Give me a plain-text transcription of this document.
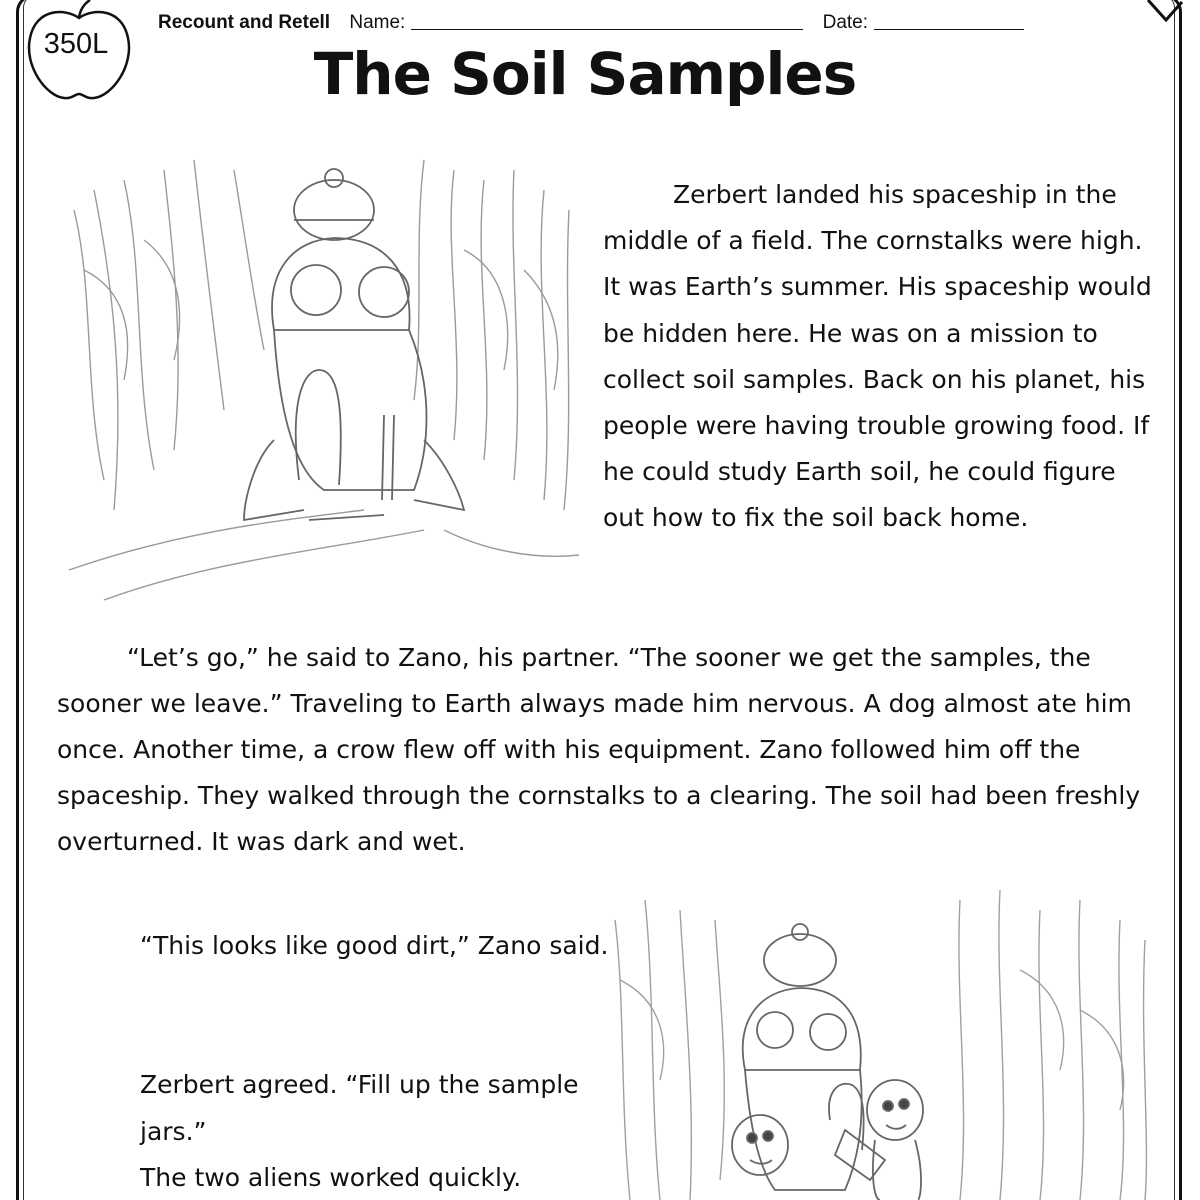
350L
Recount and Retell Name:	Date:
The Soil Samples
Zerbert landed his spaceship in the middle of a field. The cornstalks were high. It was Earth’s summer. His spaceship would be hidden here. He was on a mission to collect soil samples. Back on his planet, his people were having trouble growing food. If he could study Earth soil, he could figure out how to fix the soil back home.
“Let’s go,” he said to Zano, his partner. “The sooner we get the samples, the sooner we leave.” Traveling to Earth always made him nervous. A dog almost ate him once. Another time, a crow flew off with his equipment. Zano followed him off the spaceship. They walked through the cornstalks to a clearing. The soil had been freshly overturned. It was dark and wet.
“This looks like good dirt,” Zano said.
Zerbert agreed. “Fill up the sample jars.”
The two aliens worked quickly.
